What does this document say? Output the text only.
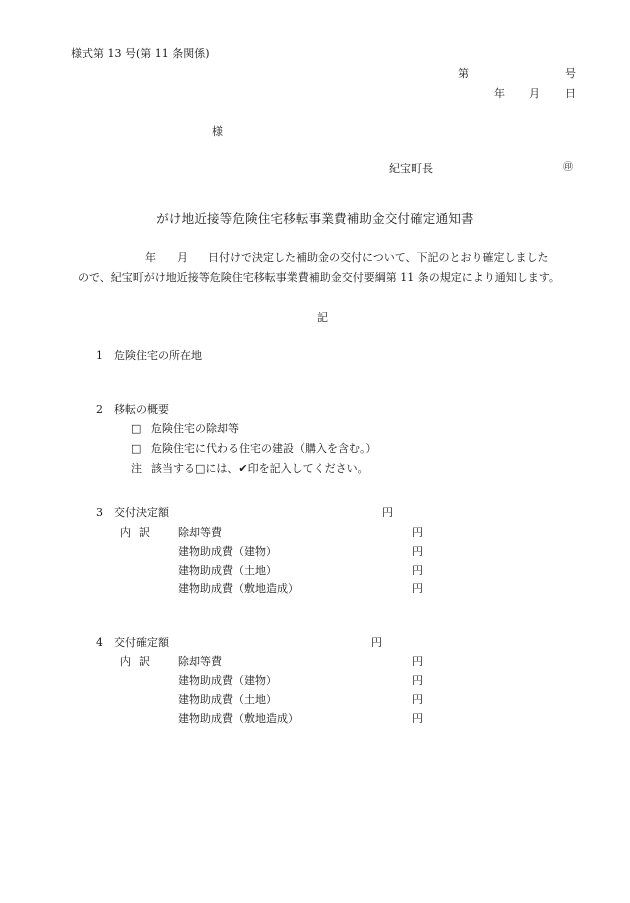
様式第 13 号(第 11 条関係)
第	号
年 月 日
様
紀宝町長	㊞
がけ地近接等危険住宅移転事業費補助金交付確定通知書
年 月 日付けで決定した補助金の交付について、下記のとおり確定しました
ので、紀宝町がけ地近接等危険住宅移転事業費補助金交付要綱第 11 条の規定により通知します。
記
1 危険住宅の所在地
2 移転の概要
□ 危険住宅の除却等
□ 危険住宅に代わる住宅の建設（購入を含む。）
注 該当する□には、✔印を記入してください。
3 交付決定額	円
内 訳	除却等費	円
建物助成費（建物）	円
建物助成費（土地）	円
建物助成費（敷地造成）	円
4 交付確定額	円
内 訳	除却等費	円
建物助成費（建物）	円
建物助成費（土地）	円
建物助成費（敷地造成）	円
